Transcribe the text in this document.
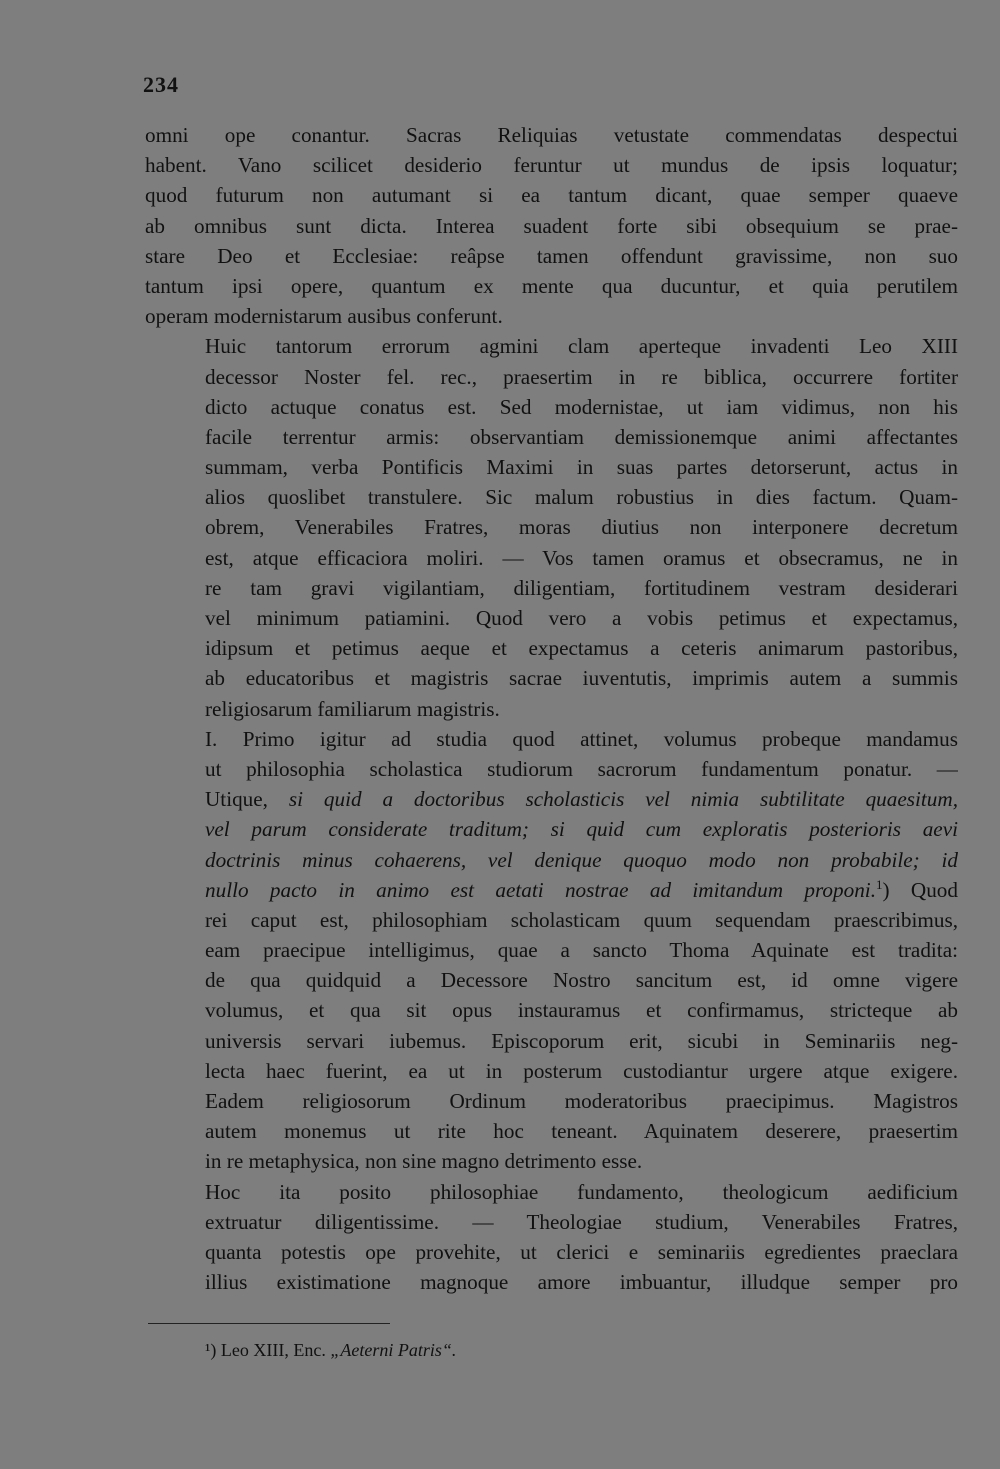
234

omni ope conantur. Sacras Reliquias vetustate commendatas despectui
habent. Vano scilicet desiderio feruntur ut mundus de ipsis loquatur;
quod futurum non autumant si ea tantum dicant, quae semper quaeve
ab omnibus sunt dicta. Interea suadent forte sibi obsequium se prae-
stare Deo et Ecclesiae: reâpse tamen offendunt gravissime, non suo
tantum ipsi opere, quantum ex mente qua ducuntur, et quia perutilem
operam modernistarum ausibus conferunt.

Huic tantorum errorum agmini clam aperteque invadenti Leo XIII
decessor Noster fel. rec., praesertim in re biblica, occurrere fortiter
dicto actuque conatus est. Sed modernistae, ut iam vidimus, non his
facile terrentur armis: observantiam demissionemque animi affectantes
summam, verba Pontificis Maximi in suas partes detorserunt, actus in
alios quoslibet transtulere. Sic malum robustius in dies factum. Quam-
obrem, Venerabiles Fratres, moras diutius non interponere decretum
est, atque efficaciora moliri. — Vos tamen oramus et obsecramus, ne in
re tam gravi vigilantiam, diligentiam, fortitudinem vestram desiderari
vel minimum patiamini. Quod vero a vobis petimus et expectamus,
idipsum et petimus aeque et expectamus a ceteris animarum pastoribus,
ab educatoribus et magistris sacrae iuventutis, imprimis autem a summis
religiosarum familiarum magistris.

I. Primo igitur ad studia quod attinet, volumus probeque mandamus
ut philosophia scholastica studiorum sacrorum fundamentum ponatur. —
Utique, si quid a doctoribus scholasticis vel nimia subtilitate quaesitum,
vel parum considerate traditum; si quid cum exploratis posterioris aevi
doctrinis minus cohaerens, vel denique quoquo modo non probabile; id
nullo pacto in animo est aetati nostrae ad imitandum proponi.$^1$) Quod
rei caput est, philosophiam scholasticam quum sequendam praescribimus,
eam praecipue intelligimus, quae a sancto Thoma Aquinate est tradita:
de qua quidquid a Decessore Nostro sancitum est, id omne vigere
volumus, et qua sit opus instauramus et confirmamus, stricteque ab
universis servari iubemus. Episcoporum erit, sicubi in Seminariis neg-
lecta haec fuerint, ea ut in posterum custodiantur urgere atque exigere.
Eadem religiosorum Ordinum moderatoribus praecipimus. Magistros
autem monemus ut rite hoc teneant. Aquinatem deserere, praesertim
in re metaphysica, non sine magno detrimento esse.

Hoc ita posito philosophiae fundamento, theologicum aedificium
extruatur diligentissime. — Theologiae studium, Venerabiles Fratres,
quanta potestis ope provehite, ut clerici e seminariis egredientes praeclara
illius existimatione magnoque amore imbuantur, illudque semper pro

¹) Leo XIII, Enc. „Aeterni Patris“.
